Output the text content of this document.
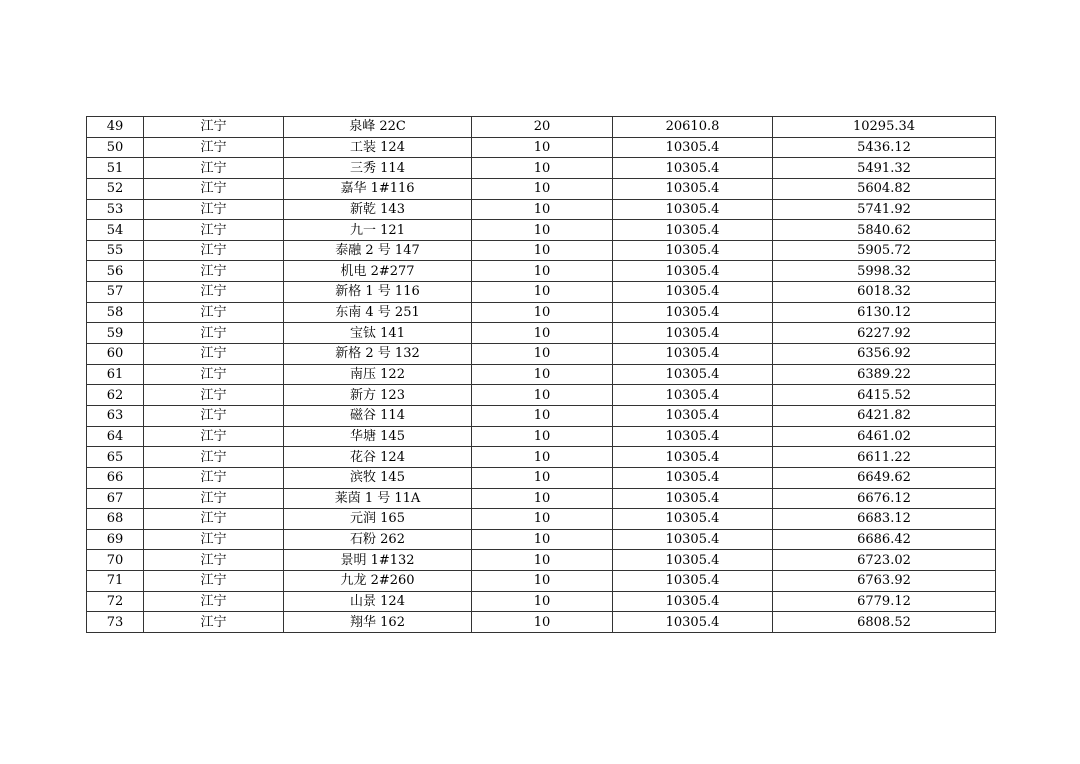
49	江宁	泉峰 22C	20	20610.8	10295.34
50	江宁	工装 124	10	10305.4	5436.12
51	江宁	三秀 114	10	10305.4	5491.32
52	江宁	嘉华 1#116	10	10305.4	5604.82
53	江宁	新乾 143	10	10305.4	5741.92
54	江宁	九一 121	10	10305.4	5840.62
55	江宁	泰融 2 号 147	10	10305.4	5905.72
56	江宁	机电 2#277	10	10305.4	5998.32
57	江宁	新格 1 号 116	10	10305.4	6018.32
58	江宁	东南 4 号 251	10	10305.4	6130.12
59	江宁	宝钛 141	10	10305.4	6227.92
60	江宁	新格 2 号 132	10	10305.4	6356.92
61	江宁	南压 122	10	10305.4	6389.22
62	江宁	新方 123	10	10305.4	6415.52
63	江宁	磁谷 114	10	10305.4	6421.82
64	江宁	华塘 145	10	10305.4	6461.02
65	江宁	花谷 124	10	10305.4	6611.22
66	江宁	滨牧 145	10	10305.4	6649.62
67	江宁	莱茵 1 号 11A	10	10305.4	6676.12
68	江宁	元润 165	10	10305.4	6683.12
69	江宁	石粉 262	10	10305.4	6686.42
70	江宁	景明 1#132	10	10305.4	6723.02
71	江宁	九龙 2#260	10	10305.4	6763.92
72	江宁	山景 124	10	10305.4	6779.12
73	江宁	翔华 162	10	10305.4	6808.52
